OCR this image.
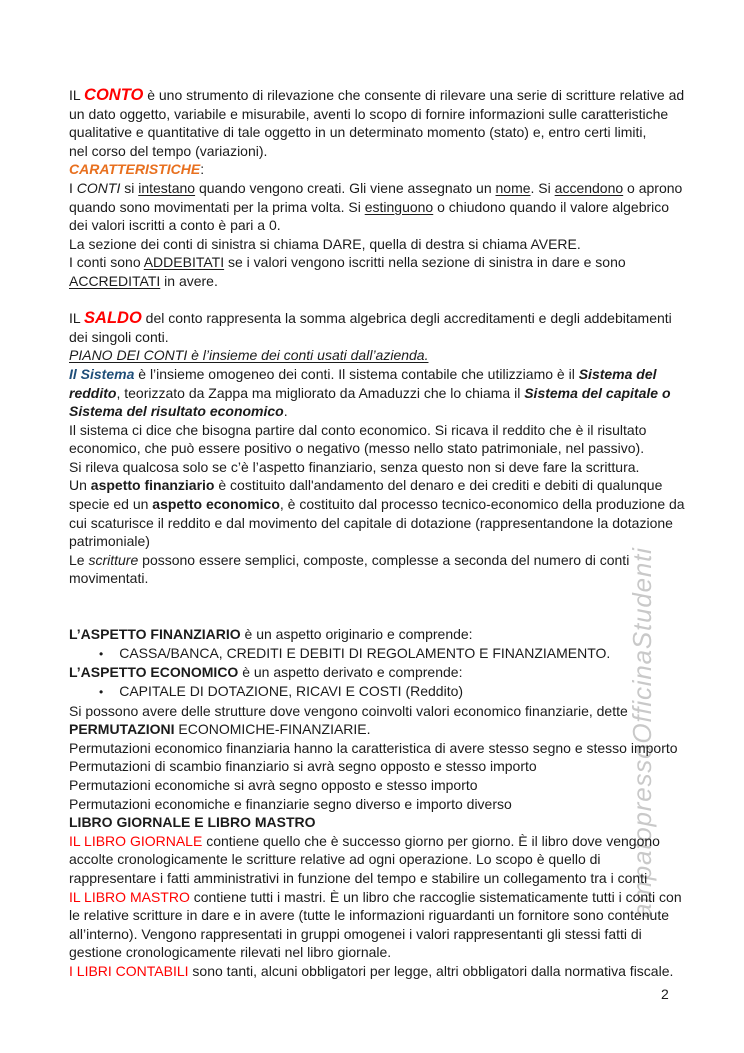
ampatopressoOfficinaStudenti
IL CONTO è uno strumento di rilevazione che consente di rilevare una serie di scritture relative ad
un dato oggetto, variabile e misurabile, aventi lo scopo di fornire informazioni sulle caratteristiche
qualitative e quantitative di tale oggetto in un determinato momento (stato) e, entro certi limiti,
nel corso del tempo (variazioni).
CARATTERISTICHE:
I CONTI si intestano quando vengono creati. Gli viene assegnato un nome. Si accendono o aprono
quando sono movimentati per la prima volta. Si estinguono o chiudono quando il valore algebrico
dei valori iscritti a conto è pari a 0.
La sezione dei conti di sinistra si chiama DARE, quella di destra si chiama AVERE.
I conti sono ADDEBITATI se i valori vengono iscritti nella sezione di sinistra in dare e sono
ACCREDITATI in avere.
IL SALDO del conto rappresenta la somma algebrica degli accreditamenti e degli addebitamenti
dei singoli conti.
PIANO DEI CONTI è l’insieme dei conti usati dall’azienda.
Il Sistema è l’insieme omogeneo dei conti. Il sistema contabile che utilizziamo è il Sistema del
reddito, teorizzato da Zappa ma migliorato da Amaduzzi che lo chiama il Sistema del capitale o
Sistema del risultato economico.
Il sistema ci dice che bisogna partire dal conto economico. Si ricava il reddito che è il risultato
economico, che può essere positivo o negativo (messo nello stato patrimoniale, nel passivo).
Si rileva qualcosa solo se c’è l’aspetto finanziario, senza questo non si deve fare la scrittura.
Un aspetto finanziario è costituito dall'andamento del denaro e dei crediti e debiti di qualunque
specie ed un aspetto economico, è costituito dal processo tecnico-economico della produzione da
cui scaturisce il reddito e dal movimento del capitale di dotazione (rappresentandone la dotazione
patrimoniale)
Le scritture possono essere semplici, composte, complesse a seconda del numero di conti
movimentati.
L’ASPETTO FINANZIARIO è un aspetto originario e comprende:
• CASSA/BANCA, CREDITI E DEBITI DI REGOLAMENTO E FINANZIAMENTO.
L’ASPETTO ECONOMICO è un aspetto derivato e comprende:
• CAPITALE DI DOTAZIONE, RICAVI E COSTI (Reddito)
Si possono avere delle strutture dove vengono coinvolti valori economico finanziarie, dette
PERMUTAZIONI ECONOMICHE-FINANZIARIE.
Permutazioni economico finanziaria hanno la caratteristica di avere stesso segno e stesso importo
Permutazioni di scambio finanziario si avrà segno opposto e stesso importo
Permutazioni economiche si avrà segno opposto e stesso importo
Permutazioni economiche e finanziarie segno diverso e importo diverso
LIBRO GIORNALE E LIBRO MASTRO
IL LIBRO GIORNALE contiene quello che è successo giorno per giorno. È il libro dove vengono
accolte cronologicamente le scritture relative ad ogni operazione. Lo scopo è quello di
rappresentare i fatti amministrativi in funzione del tempo e stabilire un collegamento tra i conti
IL LIBRO MASTRO contiene tutti i mastri. È un libro che raccoglie sistematicamente tutti i conti con
le relative scritture in dare e in avere (tutte le informazioni riguardanti un fornitore sono contenute
all’interno). Vengono rappresentati in gruppi omogenei i valori rappresentanti gli stessi fatti di
gestione cronologicamente rilevati nel libro giornale.
I LIBRI CONTABILI sono tanti, alcuni obbligatori per legge, altri obbligatori dalla normativa fiscale.
2
